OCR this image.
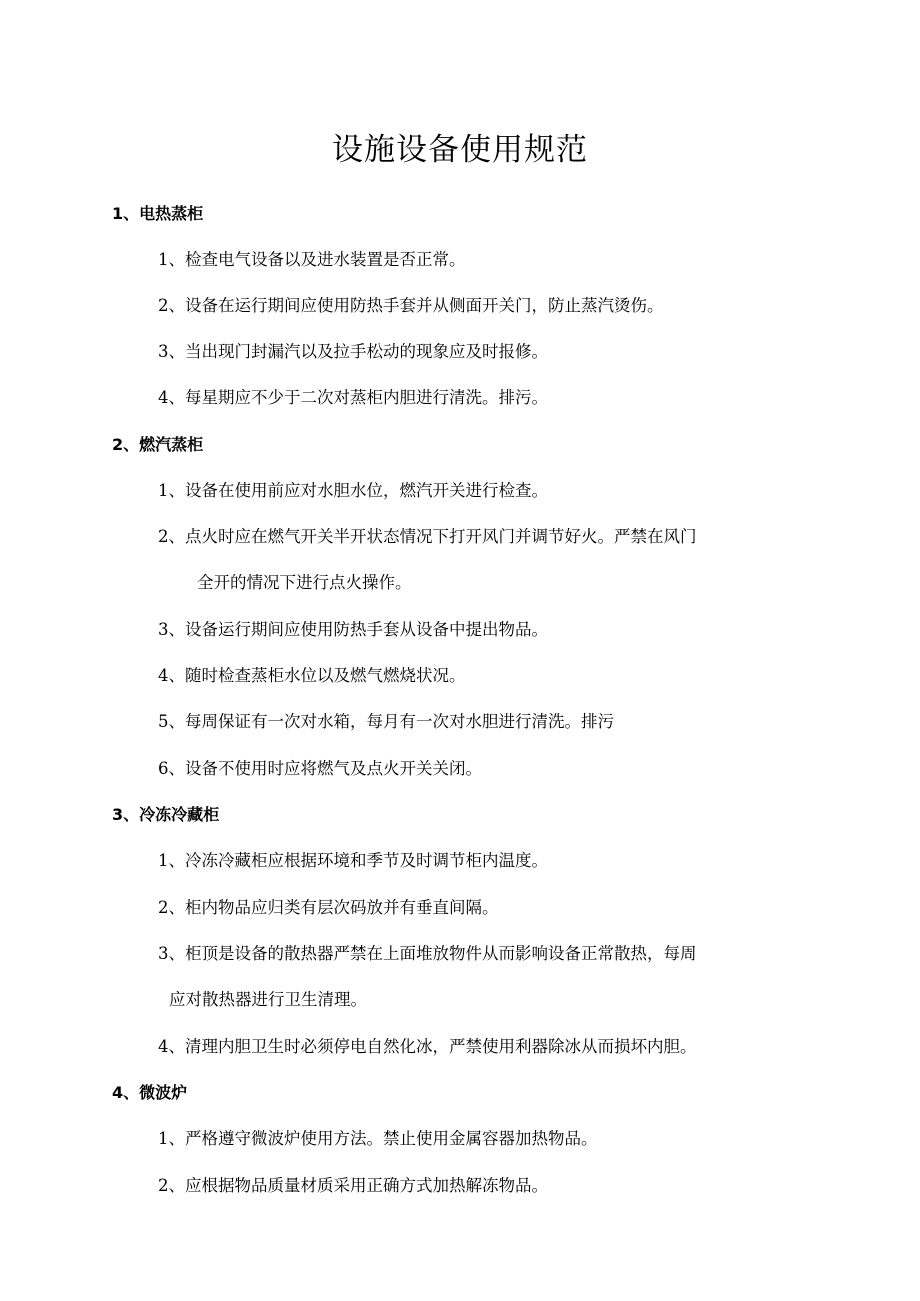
设施设备使用规范

1、电热蒸柜

1、检查电气设备以及进水装置是否正常。

2、设备在运行期间应使用防热手套并从侧面开关门，防止蒸汽烫伤。

3、当出现门封漏汽以及拉手松动的现象应及时报修。

4、每星期应不少于二次对蒸柜内胆进行清洗。排污。

2、燃汽蒸柜

1、设备在使用前应对水胆水位，燃汽开关进行检查。

2、点火时应在燃气开关半开状态情况下打开风门并调节好火。严禁在风门

全开的情况下进行点火操作。

3、设备运行期间应使用防热手套从设备中提出物品。

4、随时检查蒸柜水位以及燃气燃烧状况。

5、每周保证有一次对水箱，每月有一次对水胆进行清洗。排污

6、设备不使用时应将燃气及点火开关关闭。

3、冷冻冷藏柜

1、冷冻冷藏柜应根据环境和季节及时调节柜内温度。

2、柜内物品应归类有层次码放并有垂直间隔。

3、柜顶是设备的散热器严禁在上面堆放物件从而影响设备正常散热，每周

应对散热器进行卫生清理。

4、清理内胆卫生时必须停电自然化冰，严禁使用利器除冰从而损坏内胆。

4、微波炉

1、严格遵守微波炉使用方法。禁止使用金属容器加热物品。

2、应根据物品质量材质采用正确方式加热解冻物品。
